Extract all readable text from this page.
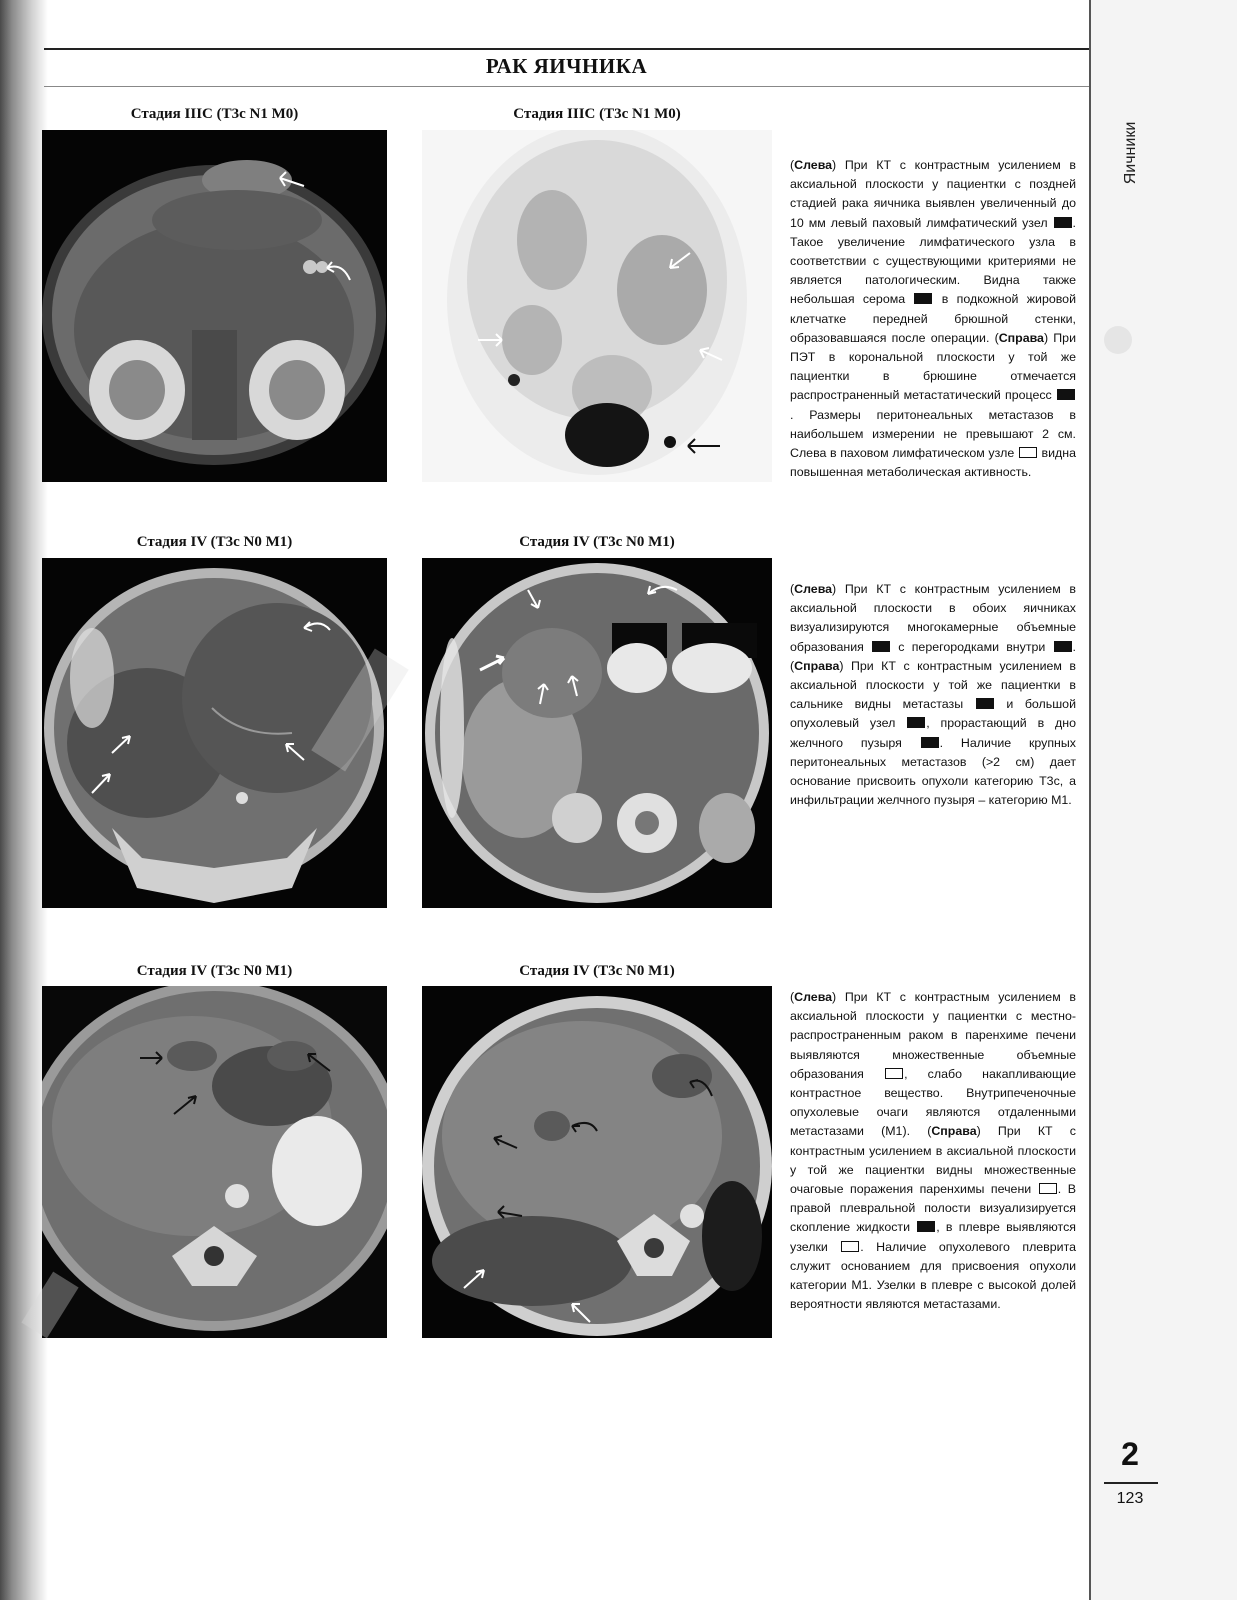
РАК ЯИЧНИКА
Яичники
2
123
Стадия IIIC (T3c N1 M0)	Стадия IIIC (T3c N1 M0)
(Слева) При КТ с контрастным усилением в аксиальной плоскости у пациентки с поздней стадией рака яичника выявлен увеличенный до 10 мм левый паховый лимфатический узел . Такое увеличение лимфатического узла в соответствии с существующими критериями не является патологическим. Видна также небольшая серома  в подкожной жировой клетчатке передней брюшной стенки, образовавшаяся после операции. (Справа) При ПЭТ в корональной плоскости у той же пациентки в брюшине отмечается распространенный метастатический процесс . Размеры перитонеальных метастазов в наибольшем измерении не превышают 2 см. Слева в паховом лимфатическом узле  видна повышенная метаболическая активность.
Стадия IV (T3c N0 M1)	Стадия IV (T3c N0 M1)
(Слева) При КТ с контрастным усилением в аксиальной плоскости в обоих яичниках визуализируются многокамерные объемные образования  с перегородками внутри . (Справа) При КТ с контрастным усилением в аксиальной плоскости у той же пациентки в сальнике видны метастазы  и большой опухолевый узел , прорастающий в дно желчного пузыря . Наличие крупных перитонеальных метастазов (>2 см) дает основание присвоить опухоли категорию T3c, а инфильтрации желчного пузыря – категорию M1.
Стадия IV (T3c N0 M1)	Стадия IV (T3c N0 M1)
(Слева) При КТ с контрастным усилением в аксиальной плоскости у пациентки с местно-распространенным раком в паренхиме печени выявляются множественные объемные образования , слабо накапливающие контрастное вещество. Внутрипеченочные опухолевые очаги являются отдаленными метастазами (M1). (Справа) При КТ с контрастным усилением в аксиальной плоскости у той же пациентки видны множественные очаговые поражения паренхимы печени . В правой плевральной полости визуализируется скопление жидкости , в плевре выявляются узелки . Наличие опухолевого плеврита служит основанием для присвоения опухоли категории M1. Узелки в плевре с высокой долей вероятности являются метастазами.
